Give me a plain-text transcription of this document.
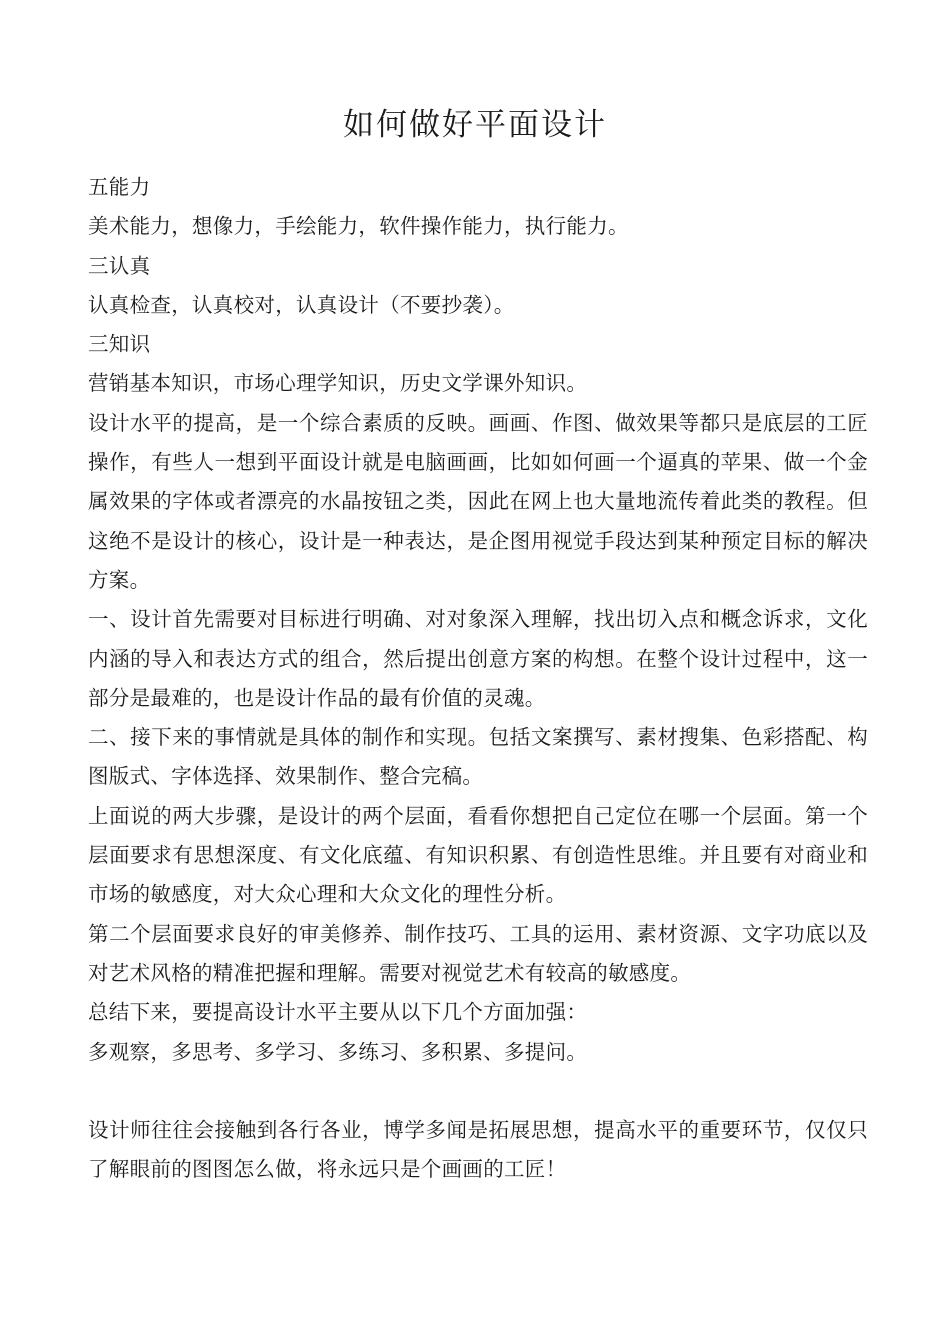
如何做好平面设计

五能力

美术能力，想像力，手绘能力，软件操作能力，执行能力。

三认真

认真检查，认真校对，认真设计（不要抄袭）。

三知识

营销基本知识，市场心理学知识，历史文学课外知识。

设计水平的提高，是一个综合素质的反映。画画、作图、做效果等都只是底层的工匠操作，有些人一想到平面设计就是电脑画画，比如如何画一个逼真的苹果、做一个金属效果的字体或者漂亮的水晶按钮之类，因此在网上也大量地流传着此类的教程。但这绝不是设计的核心，设计是一种表达，是企图用视觉手段达到某种预定目标的解决方案。

一、设计首先需要对目标进行明确、对对象深入理解，找出切入点和概念诉求，文化内涵的导入和表达方式的组合，然后提出创意方案的构想。在整个设计过程中，这一部分是最难的，也是设计作品的最有价值的灵魂。

二、接下来的事情就是具体的制作和实现。包括文案撰写、素材搜集、色彩搭配、构图版式、字体选择、效果制作、整合完稿。

上面说的两大步骤，是设计的两个层面，看看你想把自己定位在哪一个层面。第一个层面要求有思想深度、有文化底蕴、有知识积累、有创造性思维。并且要有对商业和市场的敏感度，对大众心理和大众文化的理性分析。

第二个层面要求良好的审美修养、制作技巧、工具的运用、素材资源、文字功底以及对艺术风格的精准把握和理解。需要对视觉艺术有较高的敏感度。

总结下来，要提高设计水平主要从以下几个方面加强：

多观察，多思考、多学习、多练习、多积累、多提问。

设计师往往会接触到各行各业，博学多闻是拓展思想，提高水平的重要环节，仅仅只了解眼前的图图怎么做，将永远只是个画画的工匠！
